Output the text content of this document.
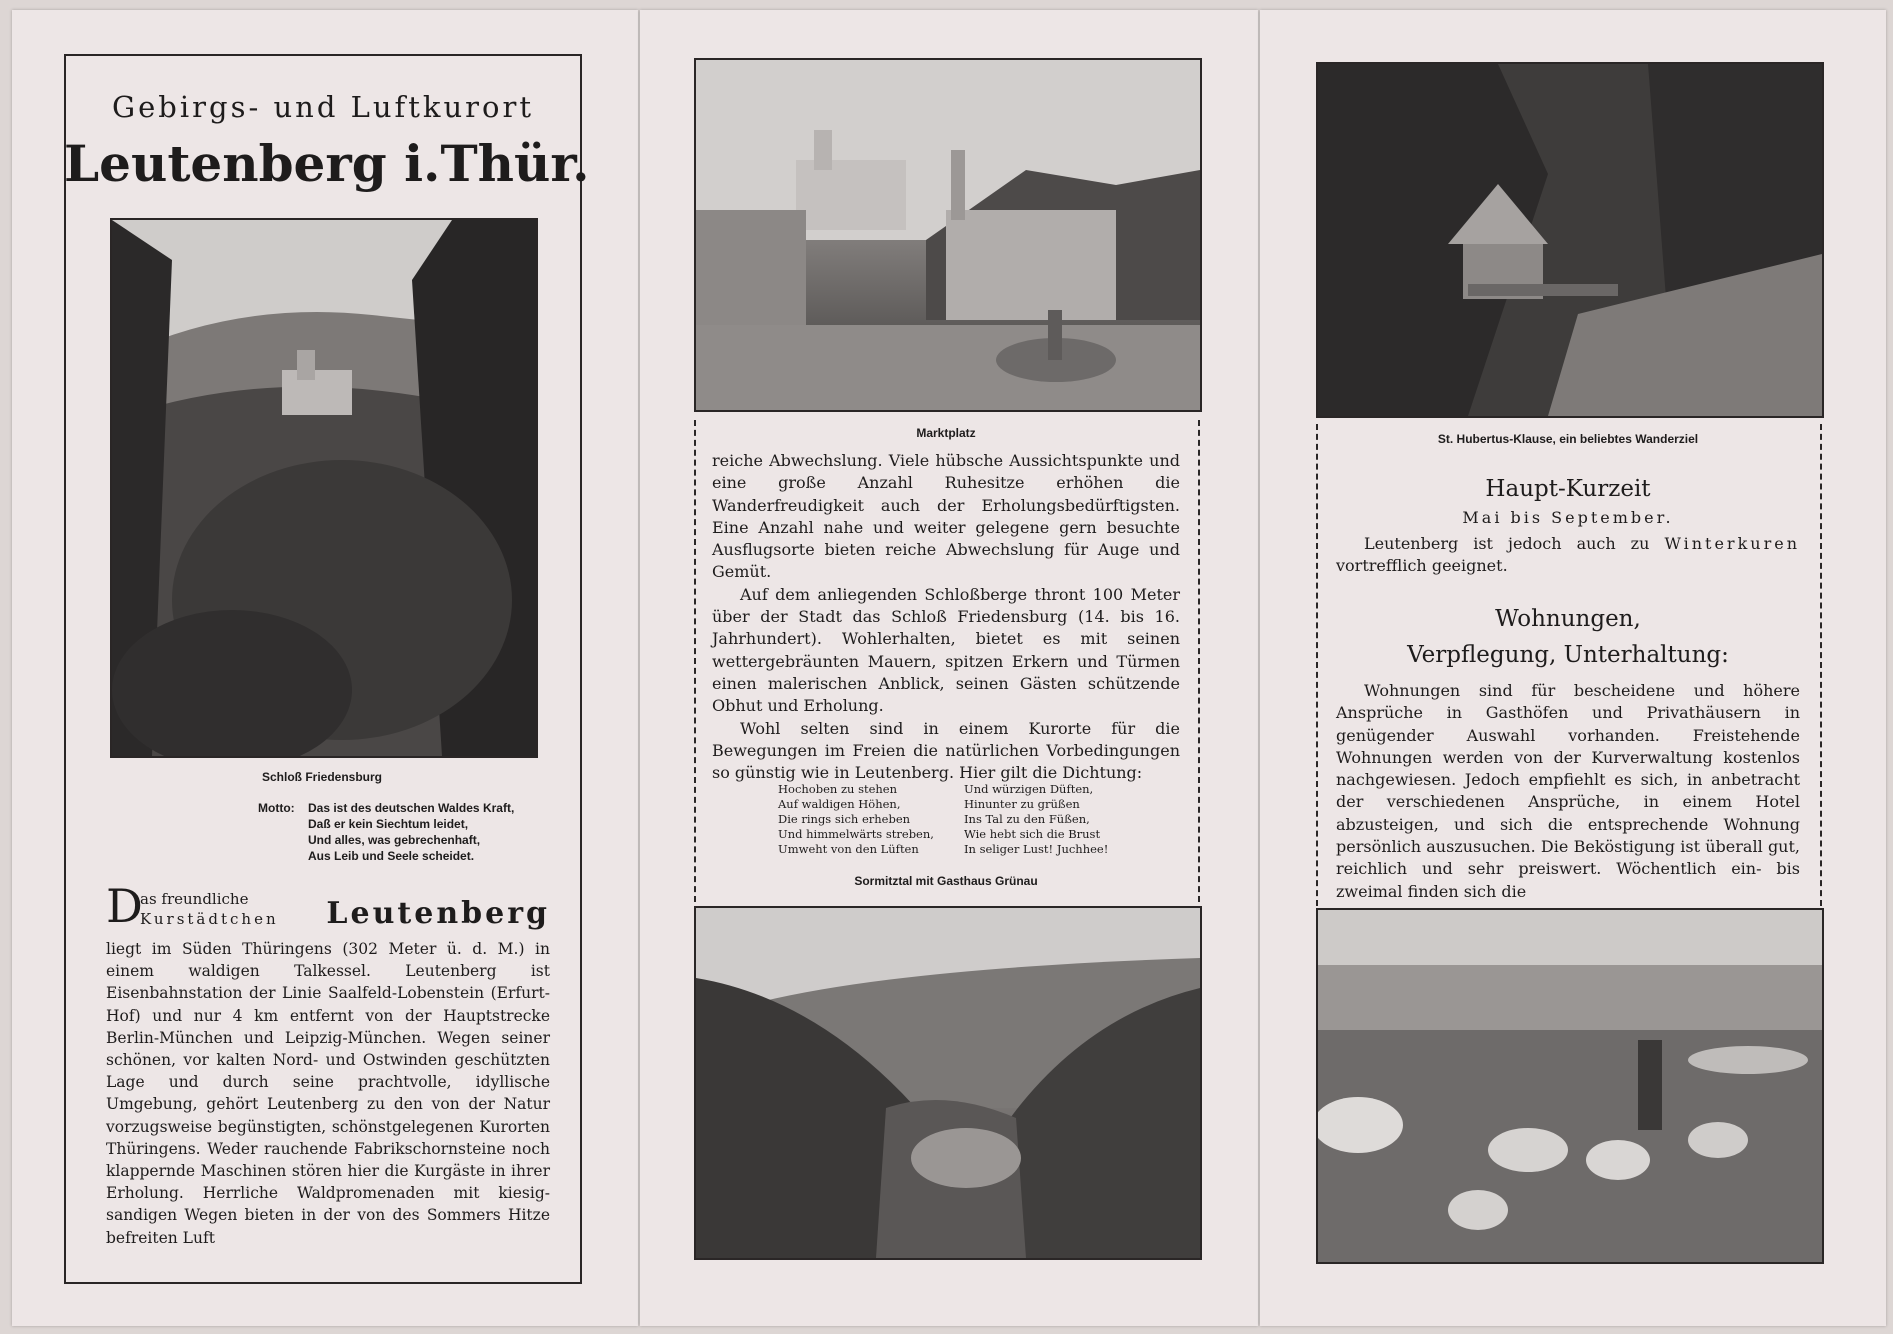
Gebirgs- und Luftkurort
Leutenberg i.Thür.
Schloß Friedensburg
Motto: Das ist des deutschen Waldes Kraft,
Daß er kein Siechtum leidet,
Und alles, was gebrechenhaft,
Aus Leib und Seele scheidet.
D
as freundliche
Kurstädtchen Leutenberg
liegt im Süden Thüringens (302 Meter ü. d. M.) in einem waldigen Talkessel. Leutenberg ist Eisenbahnstation der Linie Saalfeld-Lobenstein (Erfurt-Hof) und nur 4 km entfernt von der Hauptstrecke Berlin-München und Leipzig-München. Wegen seiner schönen, vor kalten Nord- und Ostwinden geschützten Lage und durch seine prachtvolle, idyllische Umgebung, gehört Leutenberg zu den von der Natur vorzugsweise begünstigten, schönstgelegenen Kurorten Thüringens. Weder rauchende Fabrikschornsteine noch klappernde Maschinen stören hier die Kurgäste in ihrer Erholung. Herrliche Waldpromenaden mit kiesig-sandigen Wegen bieten in der von des Sommers Hitze befreiten Luft
Marktplatz

reiche Abwechslung. Viele hübsche Aussichtspunkte und eine große Anzahl Ruhesitze erhöhen die Wanderfreudigkeit auch der Erholungsbedürftigsten. Eine Anzahl nahe und weiter gelegene gern besuchte Ausflugsorte bieten reiche Abwechslung für Auge und Gemüt.

Auf dem anliegenden Schloßberge thront 100 Meter über der Stadt das Schloß Friedensburg (14. bis 16. Jahrhundert). Wohlerhalten, bietet es mit seinen wettergebräunten Mauern, spitzen Erkern und Türmen einen malerischen Anblick, seinen Gästen schützende Obhut und Erholung.

Wohl selten sind in einem Kurorte für die Bewegungen im Freien die natürlichen Vorbedingungen so günstig wie in Leutenberg. Hier gilt die Dichtung:

Hochoben zu stehen
Auf waldigen Höhen,
Die rings sich erheben
Und himmelwärts streben,
Umweht von den Lüften
Und würzigen Düften,
Hinunter zu grüßen
Ins Tal zu den Füßen,
Wie hebt sich die Brust
In seliger Lust! Juchhee!
Sormitztal mit Gasthaus Grünau
St. Hubertus-Klause, ein beliebtes Wanderziel
Haupt-Kurzeit
Mai bis September.

Leutenberg ist jedoch auch zu Winterkuren vortrefflich geeignet.

Wohnungen,
Verpflegung, Unterhaltung:

Wohnungen sind für bescheidene und höhere Ansprüche in Gasthöfen und Privathäusern in genügender Auswahl vorhanden. Freistehende Wohnungen werden von der Kurverwaltung kostenlos nachgewiesen. Jedoch empfiehlt es sich, in anbetracht der verschiedenen Ansprüche, in einem Hotel abzusteigen, und sich die entsprechende Wohnung persönlich auszusuchen. Die Beköstigung ist überall gut, reichlich und sehr preiswert. Wöchentlich ein- bis zweimal finden sich die
